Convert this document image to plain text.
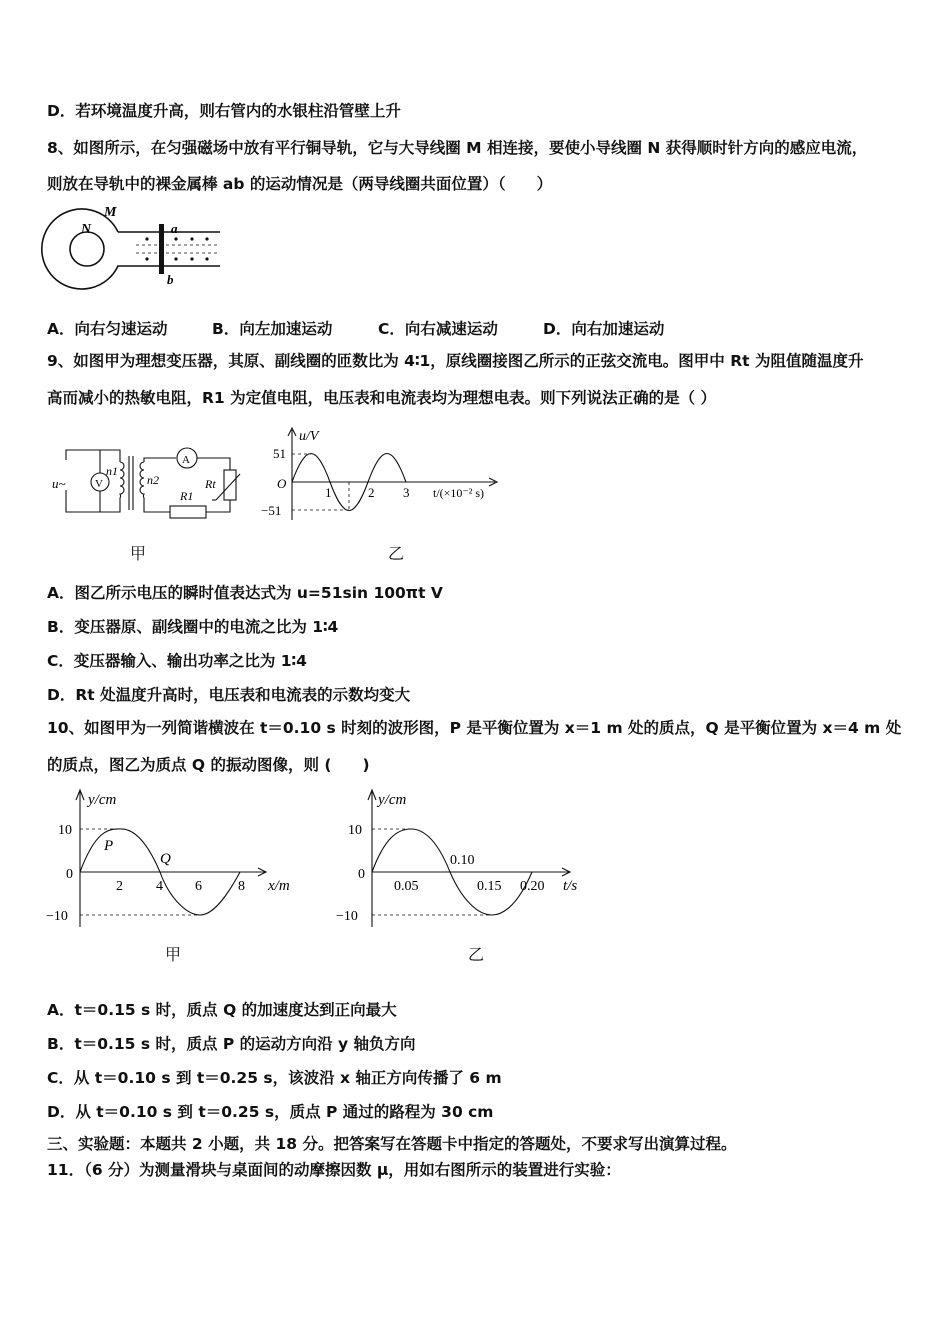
D．若环境温度升高，则右管内的水银柱沿管壁上升
8、如图所示，在匀强磁场中放有平行铜导轨，它与大导线圈 M 相连接，要使小导线圈 N 获得顺时针方向的感应电流，
则放在导轨中的裸金属棒 ab 的运动情况是（两导线圈共面位置）（　　）
M
N	a
b
A．向右匀速运动	B．向左加速运动	C．向右减速运动	D．向右加速运动
9、如图甲为理想变压器，其原、副线圈的匝数比为 4∶1，原线圈接图乙所示的正弦交流电。图甲中 Rt 为阻值随温度升
高而减小的热敏电阻，R1 为定值电阻，电压表和电流表均为理想电表。则下列说法正确的是（ ）
u~	V
A
n1
n2
R1
Rt
甲
u/V
51
−51
O
1	2 3 t/(×10⁻² s)
乙
A．图乙所示电压的瞬时值表达式为 u=51sin 100πt V
B．变压器原、副线圈中的电流之比为 1∶4
C．变压器输入、输出功率之比为 1∶4
D．Rt 处温度升高时，电压表和电流表的示数均变大
10、如图甲为一列简谐横波在 t＝0.10 s 时刻的波形图，P 是平衡位置为 x＝1 m 处的质点，Q 是平衡位置为 x＝4 m 处
的质点，图乙为质点 Q 的振动图像，则 (　　)
y/cm
10
0
−10
P
Q
2 4 6	8 x/m
甲
y/cm
10
0
−10
0.10
0.05	0.15 0.20 t/s
乙
A．t＝0.15 s 时，质点 Q 的加速度达到正向最大
B．t＝0.15 s 时，质点 P 的运动方向沿 y 轴负方向
C．从 t＝0.10 s 到 t＝0.25 s，该波沿 x 轴正方向传播了 6 m
D．从 t＝0.10 s 到 t＝0.25 s，质点 P 通过的路程为 30 cm
三、实验题：本题共 2 小题，共 18 分。把答案写在答题卡中指定的答题处，不要求写出演算过程。
11．（6 分）为测量滑块与桌面间的动摩擦因数 μ，用如右图所示的装置进行实验：
